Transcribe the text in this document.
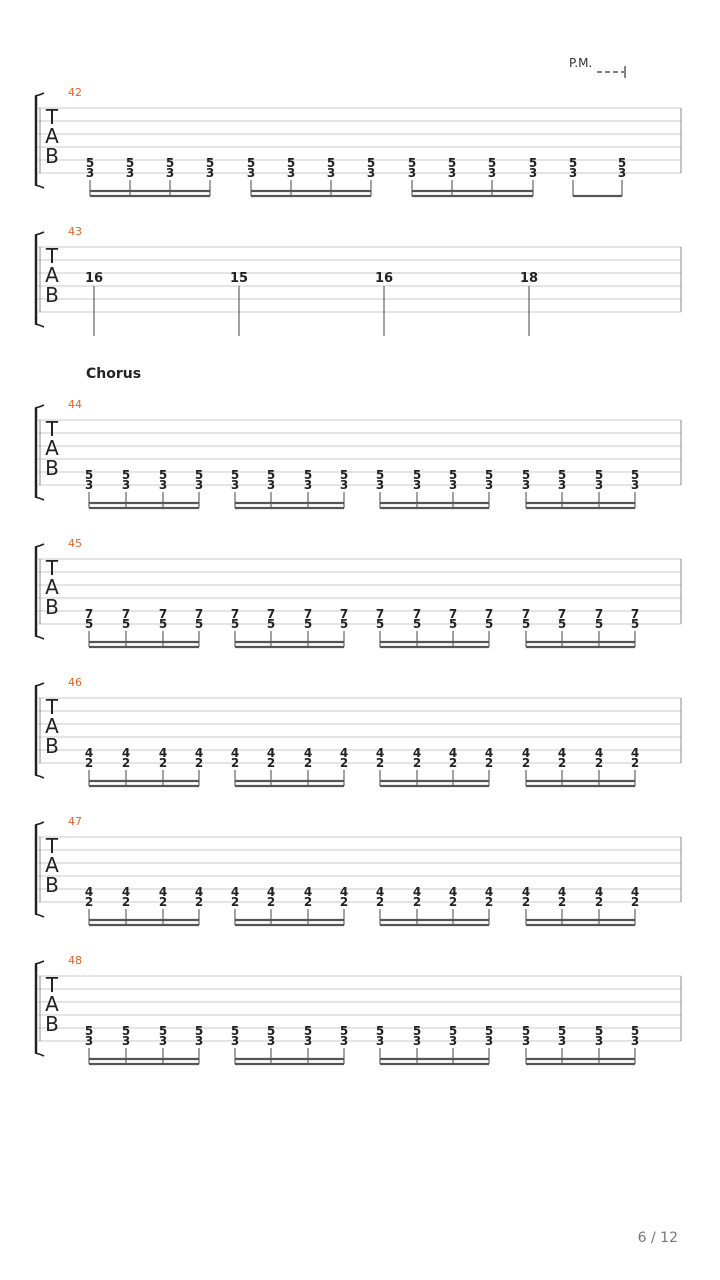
P.M.
Chorus
6 / 12
T
A
B
42
5
3
5
3
5
3
5
3
5
3
5
3
5
3
5
3
5
3
5
3
5
3
5
3
5
3
5
3
T
A
B
43
16	15	16	18
T
A
B
44
5
3
5
3
5
3
5
3
5
3
5
3
5
3
5
3
5
3
5
3
5
3
5
3
5
3
5
3
5
3
5
3
T
A
B
45
7
5
7
5
7
5
7
5
7
5
7
5
7
5
7
5
7
5
7
5
7
5
7
5
7
5
7
5
7
5
7
5
T
A
B
46
4
2
4
2
4
2
4
2
4
2
4
2
4
2
4
2
4
2
4
2
4
2
4
2
4
2
4
2
4
2
4
2
T
A
B
47
4
2
4
2
4
2
4
2
4
2
4
2
4
2
4
2
4
2
4
2
4
2
4
2
4
2
4
2
4
2
4
2
T
A
B
48
5
3
5
3
5
3
5
3
5
3
5
3
5
3
5
3
5
3
5
3
5
3
5
3
5
3
5
3
5
3
5
3
